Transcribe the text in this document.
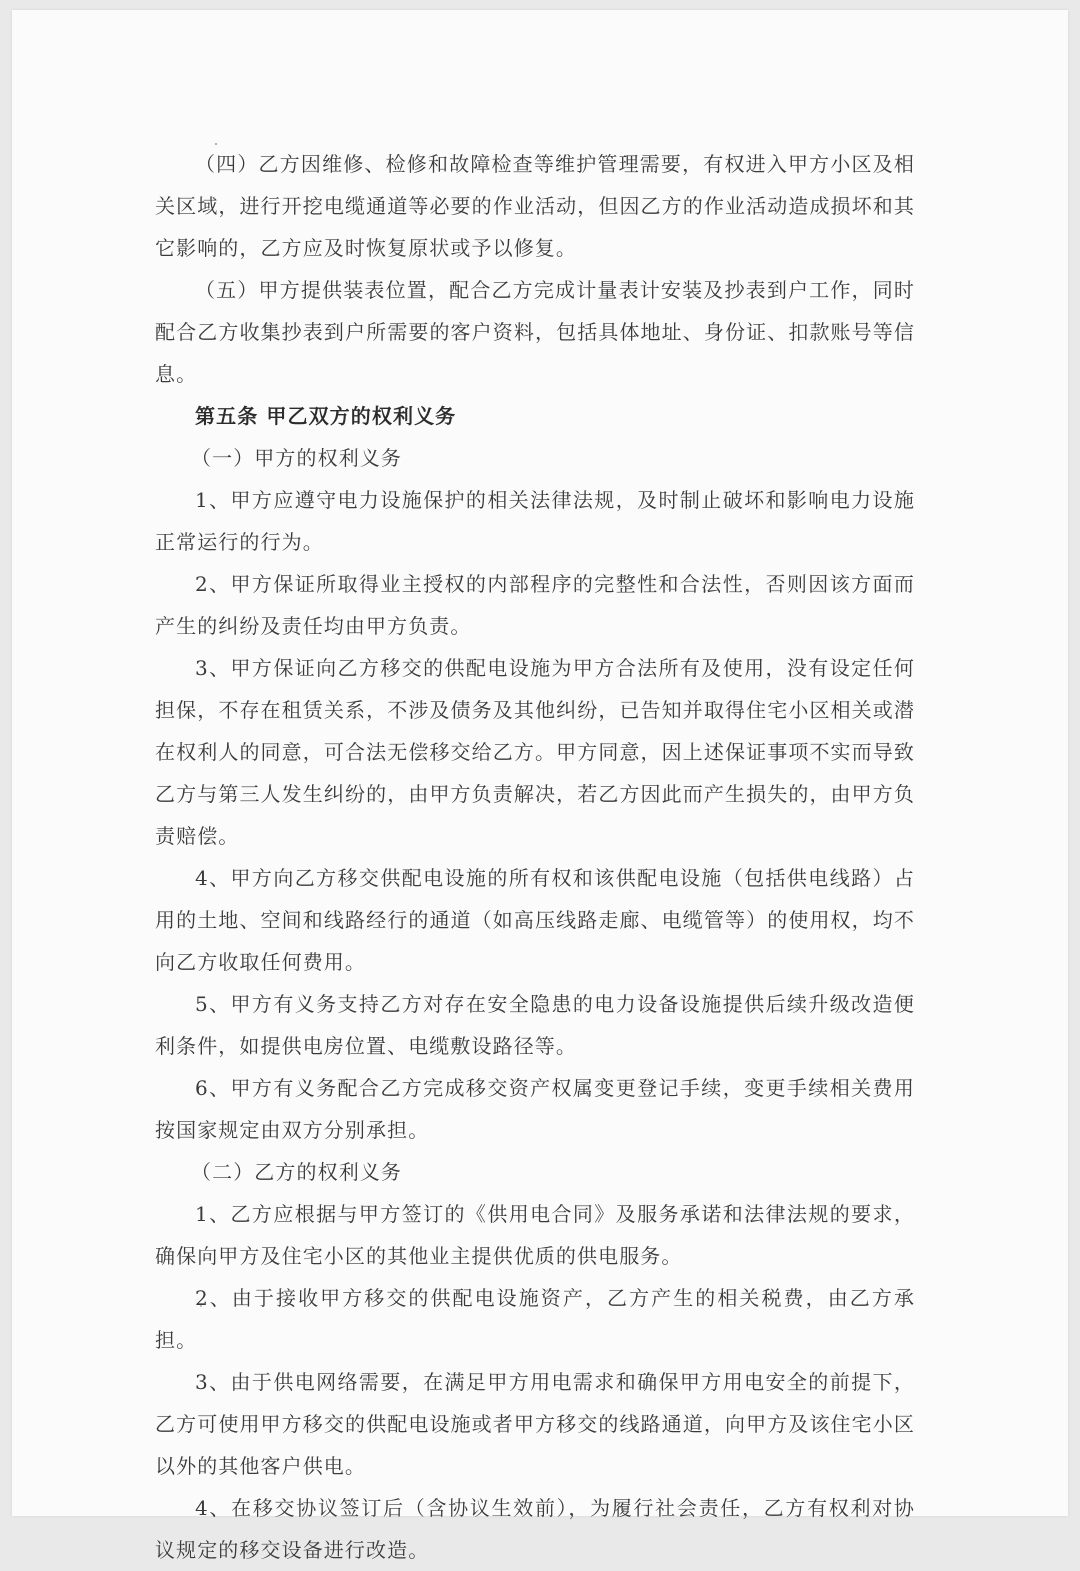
（四）乙方因维修、检修和故障检查等维护管理需要，有权进入甲方小区及相关区域，进行开挖电缆通道等必要的作业活动，但因乙方的作业活动造成损坏和其它影响的，乙方应及时恢复原状或予以修复。

（五）甲方提供装表位置，配合乙方完成计量表计安装及抄表到户工作，同时配合乙方收集抄表到户所需要的客户资料，包括具体地址、身份证、扣款账号等信息。

第五条 甲乙双方的权利义务

（一）甲方的权利义务

1、甲方应遵守电力设施保护的相关法律法规，及时制止破坏和影响电力设施正常运行的行为。

2、甲方保证所取得业主授权的内部程序的完整性和合法性，否则因该方面而产生的纠纷及责任均由甲方负责。

3、甲方保证向乙方移交的供配电设施为甲方合法所有及使用，没有设定任何担保，不存在租赁关系，不涉及债务及其他纠纷，已告知并取得住宅小区相关或潜在权利人的同意，可合法无偿移交给乙方。甲方同意，因上述保证事项不实而导致乙方与第三人发生纠纷的，由甲方负责解决，若乙方因此而产生损失的，由甲方负责赔偿。

4、甲方向乙方移交供配电设施的所有权和该供配电设施（包括供电线路）占用的土地、空间和线路经行的通道（如高压线路走廊、电缆管等）的使用权，均不向乙方收取任何费用。

5、甲方有义务支持乙方对存在安全隐患的电力设备设施提供后续升级改造便利条件，如提供电房位置、电缆敷设路径等。

6、甲方有义务配合乙方完成移交资产权属变更登记手续，变更手续相关费用按国家规定由双方分别承担。

（二）乙方的权利义务

1、乙方应根据与甲方签订的《供用电合同》及服务承诺和法律法规的要求，确保向甲方及住宅小区的其他业主提供优质的供电服务。

2、由于接收甲方移交的供配电设施资产，乙方产生的相关税费，由乙方承担。

3、由于供电网络需要，在满足甲方用电需求和确保甲方用电安全的前提下，乙方可使用甲方移交的供配电设施或者甲方移交的线路通道，向甲方及该住宅小区以外的其他客户供电。

4、在移交协议签订后（含协议生效前），为履行社会责任，乙方有权利对协议规定的移交设备进行改造。
